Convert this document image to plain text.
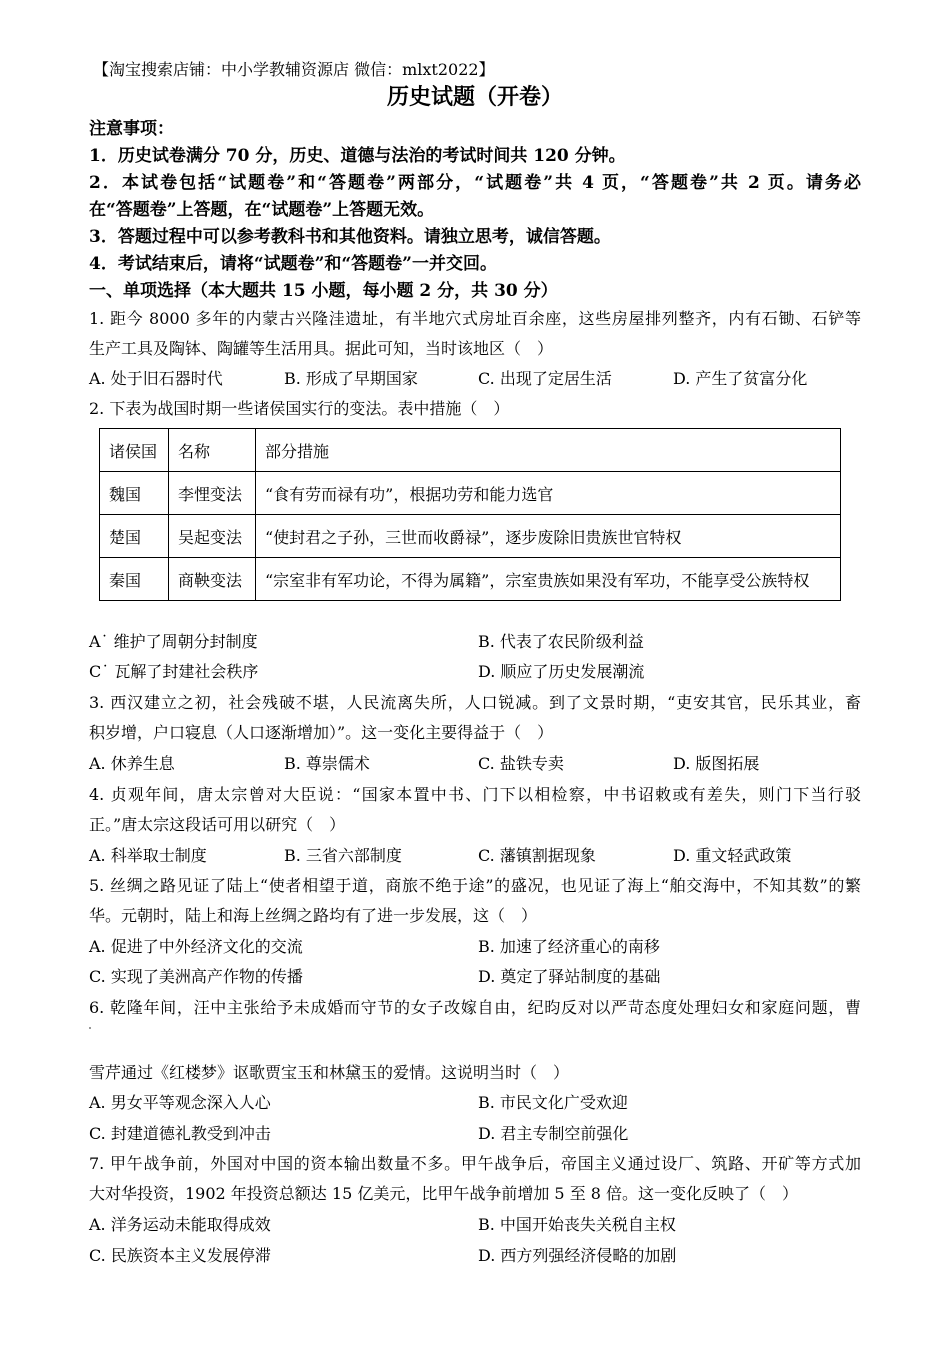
【淘宝搜索店铺：中小学教辅资源店 微信：mlxt2022】
历史试题（开卷）
注意事项：
1．历史试卷满分 70 分，历史、道德与法治的考试时间共 120 分钟。
2．本试卷包括“试题卷”和“答题卷”两部分，“试题卷”共 4 页，“答题卷”共 2 页。请务必
在“答题卷”上答题，在“试题卷”上答题无效。
3．答题过程中可以参考教科书和其他资料。请独立思考，诚信答题。
4．考试结束后，请将“试题卷”和“答题卷”一并交回。
一、单项选择（本大题共 15 小题，每小题 2 分，共 30 分）
1. 距今 8000 多年的内蒙古兴隆洼遗址，有半地穴式房址百余座，这些房屋排列整齐，内有石锄、石铲等
生产工具及陶钵、陶罐等生活用具。据此可知，当时该地区（　）
A. 处于旧石器时代	B. 形成了早期国家	C. 出现了定居生活	D. 产生了贫富分化
2. 下表为战国时期一些诸侯国实行的变法。表中措施（　）
诸侯国	名称	部分措施
魏国	李悝变法	“食有劳而禄有功”，根据功劳和能力选官
楚国	吴起变法	“使封君之子孙，三世而收爵禄”，逐步废除旧贵族世官特权
秦国	商鞅变法	“宗室非有军功论，不得为属籍”，宗室贵族如果没有军功，不能享受公族特权
A˙ 维护了周朝分封制度	B. 代表了农民阶级利益
C˙ 瓦解了封建社会秩序	D. 顺应了历史发展潮流
3. 西汉建立之初，社会残破不堪，人民流离失所，人口锐减。到了文景时期，“吏安其官，民乐其业，畜
积岁增，户口寝息（人口逐渐增加）”。这一变化主要得益于（　）
A. 休养生息	B. 尊崇儒术	C. 盐铁专卖	D. 版图拓展
4. 贞观年间，唐太宗曾对大臣说：“国家本置中书、门下以相检察，中书诏敕或有差失，则门下当行驳
正。”唐太宗这段话可用以研究（　）
A. 科举取士制度	B. 三省六部制度	C. 藩镇割据现象	D. 重文轻武政策
5. 丝绸之路见证了陆上“使者相望于道，商旅不绝于途”的盛况，也见证了海上“舶交海中，不知其数”的繁
华。元朝时，陆上和海上丝绸之路均有了进一步发展，这（　）
A. 促进了中外经济文化的交流	B. 加速了经济重心的南移
C. 实现了美洲高产作物的传播	D. 奠定了驿站制度的基础
6. 乾隆年间，汪中主张给予未成婚而守节的女子改嫁自由，纪昀反对以严苛态度处理妇女和家庭问题，曹
雪芹通过《红楼梦》讴歌贾宝玉和林黛玉的爱情。这说明当时（　）
A. 男女平等观念深入人心	B. 市民文化广受欢迎
C. 封建道德礼教受到冲击	D. 君主专制空前强化
7. 甲午战争前，外国对中国的资本输出数量不多。甲午战争后，帝国主义通过设厂、筑路、开矿等方式加
大对华投资，1902 年投资总额达 15 亿美元，比甲午战争前增加 5 至 8 倍。这一变化反映了（　）
A. 洋务运动未能取得成效	B. 中国开始丧失关税自主权
C. 民族资本主义发展停滞	D. 西方列强经济侵略的加剧
